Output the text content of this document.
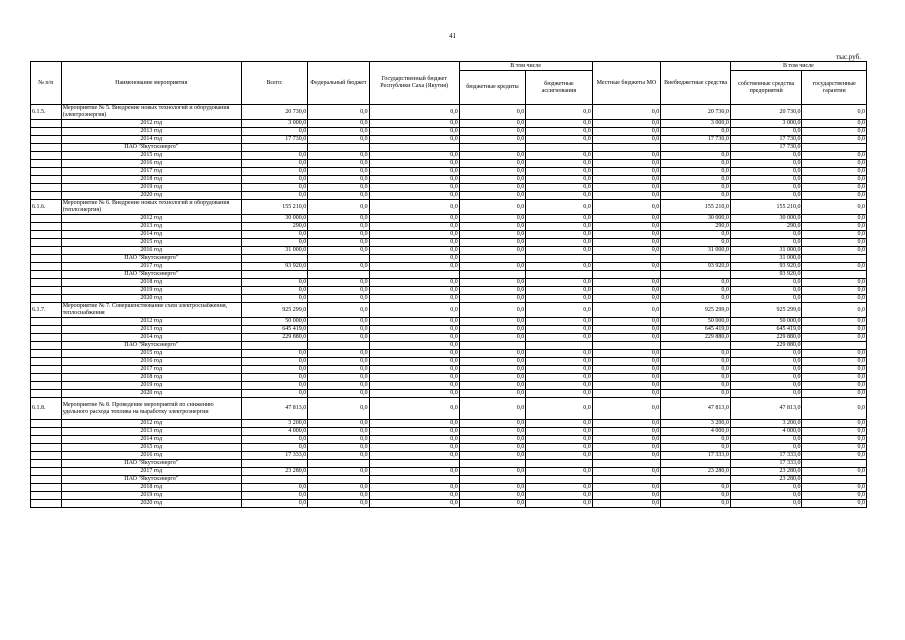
41
тыс.руб.
№ п/п	Наименование мероприятия	Всего:	Федеральный бюджет	Государственный бюджет Республики Саха (Якутия)	В том числе		Местные бюджеты МО	Внебюджетные средства	В том числе	
					бюджетные кредиты	бюджетные ассигнования			собственные средства предприятий	государственные гарантии
6.1.5.	Мероприятие № 5. Внедрение новых технологий и оборудования (электроэнергия)	20 730,0	0,0	0,0	0,0	0,0	0,0	20 730,0	20 730,0	0,0
	2012 год	3 000,0	0,0	0,0	0,0	0,0	0,0	3 000,0	3 000,0	0,0
	2013 год	0,0	0,0	0,0	0,0	0,0	0,0	0,0	0,0	0,0
	2014 год	17 730,0	0,0	0,0	0,0	0,0	0,0	17 730,0	17 730,0	0,0
	ПАО "Якутскэнерго"								17 730,0	
	2015 год	0,0	0,0	0,0	0,0	0,0	0,0	0,0	0,0	0,0
	2016 год	0,0	0,0	0,0	0,0	0,0	0,0	0,0	0,0	0,0
	2017 год	0,0	0,0	0,0	0,0	0,0	0,0	0,0	0,0	0,0
	2018 год	0,0	0,0	0,0	0,0	0,0	0,0	0,0	0,0	0,0
	2019 год	0,0	0,0	0,0	0,0	0,0	0,0	0,0	0,0	0,0
	2020 год	0,0	0,0	0,0	0,0	0,0	0,0	0,0	0,0	0,0
6.1.6.	Мероприятие № 6. Внедрение новых технологий и оборудования (теплоэнергия)	155 210,0	0,0	0,0	0,0	0,0	0,0	155 210,0	155 210,0	0,0
	2012 год	30 000,0	0,0	0,0	0,0	0,0	0,0	30 000,0	30 000,0	0,0
	2013 год	290,0	0,0	0,0	0,0	0,0	0,0	290,0	290,0	0,0
	2014 год	0,0	0,0	0,0	0,0	0,0	0,0	0,0	0,0	0,0
	2015 год	0,0	0,0	0,0	0,0	0,0	0,0	0,0	0,0	0,0
	2016 год	31 000,0	0,0	0,0	0,0	0,0	0,0	31 000,0	31 000,0	0,0
	ПАО "Якутскэнерго"			0,0					31 000,0	
	2017 год	93 920,0	0,0	0,0	0,0	0,0	0,0	93 920,0	93 920,0	0,0
	ПАО "Якутскэнерго"								93 920,0	
	2018 год	0,0	0,0	0,0	0,0	0,0	0,0	0,0	0,0	0,0
	2019 год	0,0	0,0	0,0	0,0	0,0	0,0	0,0	0,0	0,0
	2020 год	0,0	0,0	0,0	0,0	0,0	0,0	0,0	0,0	0,0
6.1.7.	Мероприятие № 7. Совершенствование схем электроснабжения, теплоснабжения	925 299,0	0,0	0,0	0,0	0,0	0,0	925 299,0	925 299,0	0,0
	2012 год	50 000,0	0,0	0,0	0,0	0,0	0,0	50 000,0	50 000,0	0,0
	2013 год	645 419,0	0,0	0,0	0,0	0,0	0,0	645 419,0	645 419,0	0,0
	2014 год	229 880,0	0,0	0,0	0,0	0,0	0,0	229 880,0	229 880,0	0,0
	ПАО "Якутскэнерго"			0,0					229 880,0	
	2015 год	0,0	0,0	0,0	0,0	0,0	0,0	0,0	0,0	0,0
	2016 год	0,0	0,0	0,0	0,0	0,0	0,0	0,0	0,0	0,0
	2017 год	0,0	0,0	0,0	0,0	0,0	0,0	0,0	0,0	0,0
	2018 год	0,0	0,0	0,0	0,0	0,0	0,0	0,0	0,0	0,0
	2019 год	0,0	0,0	0,0	0,0	0,0	0,0	0,0	0,0	0,0
	2020 год	0,0	0,0	0,0	0,0	0,0	0,0	0,0	0,0	0,0
6.1.8.	Мероприятие № 8. Проведение мероприятий по снижению удельного расхода топлива на выработку электроэнергии	47 813,0	0,0	0,0	0,0	0,0	0,0	47 813,0	47 813,0	0,0
	2012 год	3 200,0	0,0	0,0	0,0	0,0	0,0	3 200,0	3 200,0	0,0
	2013 год	4 000,0	0,0	0,0	0,0	0,0	0,0	4 000,0	4 000,0	0,0
	2014 год	0,0	0,0	0,0	0,0	0,0	0,0	0,0	0,0	0,0
	2015 год	0,0	0,0	0,0	0,0	0,0	0,0	0,0	0,0	0,0
	2016 год	17 333,0	0,0	0,0	0,0	0,0	0,0	17 333,0	17 333,0	0,0
	ПАО "Якутскэнерго"								17 333,0	
	2017 год	23 280,0	0,0	0,0	0,0	0,0	0,0	23 280,0	23 280,0	0,0
	ПАО "Якутскэнерго"								23 280,0	
	2018 год	0,0	0,0	0,0	0,0	0,0	0,0	0,0	0,0	0,0
	2019 год	0,0	0,0	0,0	0,0	0,0	0,0	0,0	0,0	0,0
	2020 год	0,0	0,0	0,0	0,0	0,0	0,0	0,0	0,0	0,0
